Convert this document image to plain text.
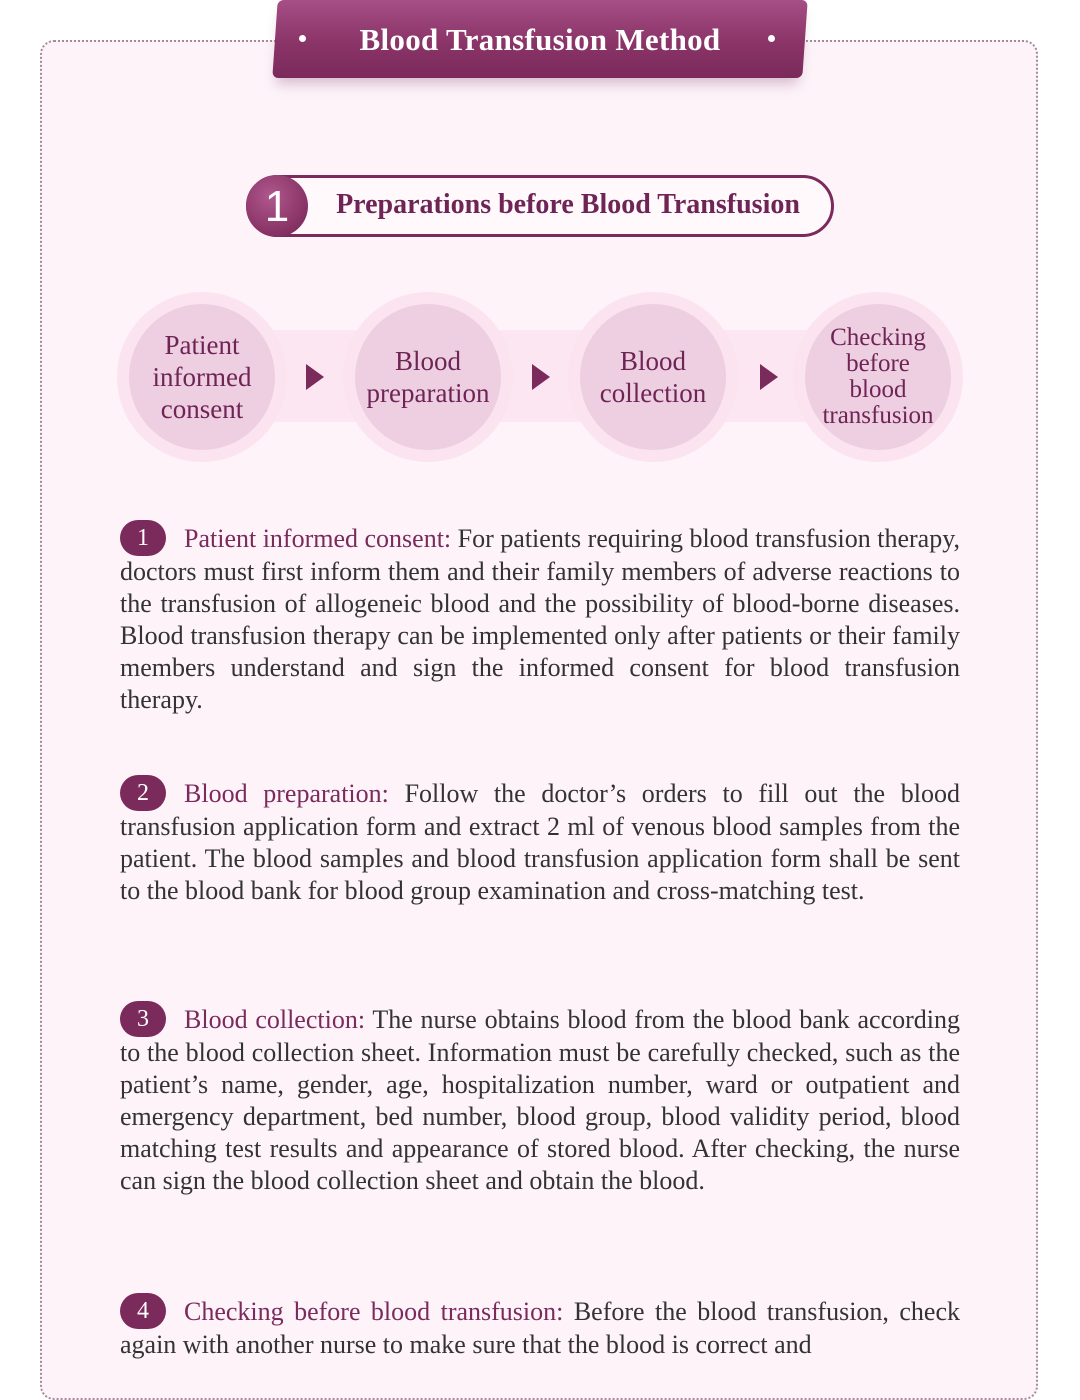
Blood Transfusion Method
1	Preparations before Blood Transfusion
Patient
informed
consent
Blood
preparation
Blood
collection
Checking
before
blood
transfusion

1 Patient informed consent: For patients requiring blood transfusion therapy, doctors must first inform them and their family members of adverse reactions to the transfusion of allogeneic blood and the possibility of blood-borne diseases. Blood transfusion therapy can be implemented only after patients or their family members understand and sign the informed consent for blood transfusion therapy.

2 Blood preparation: Follow the doctor’s orders to fill out the blood transfusion application form and extract 2 ml of venous blood samples from the patient. The blood samples and blood transfusion application form shall be sent to the blood bank for blood group examination and cross-matching test.

3 Blood collection: The nurse obtains blood from the blood bank according to the blood collection sheet. Information must be carefully checked, such as the patient’s name, gender, age, hospitalization number, ward or outpatient and emergency department, bed number, blood group, blood validity period, blood matching test results and appearance of stored blood. After checking, the nurse can sign the blood collection sheet and obtain the blood.

4 Checking before blood transfusion: Before the blood transfusion, check again with another nurse to make sure that the blood is correct and
